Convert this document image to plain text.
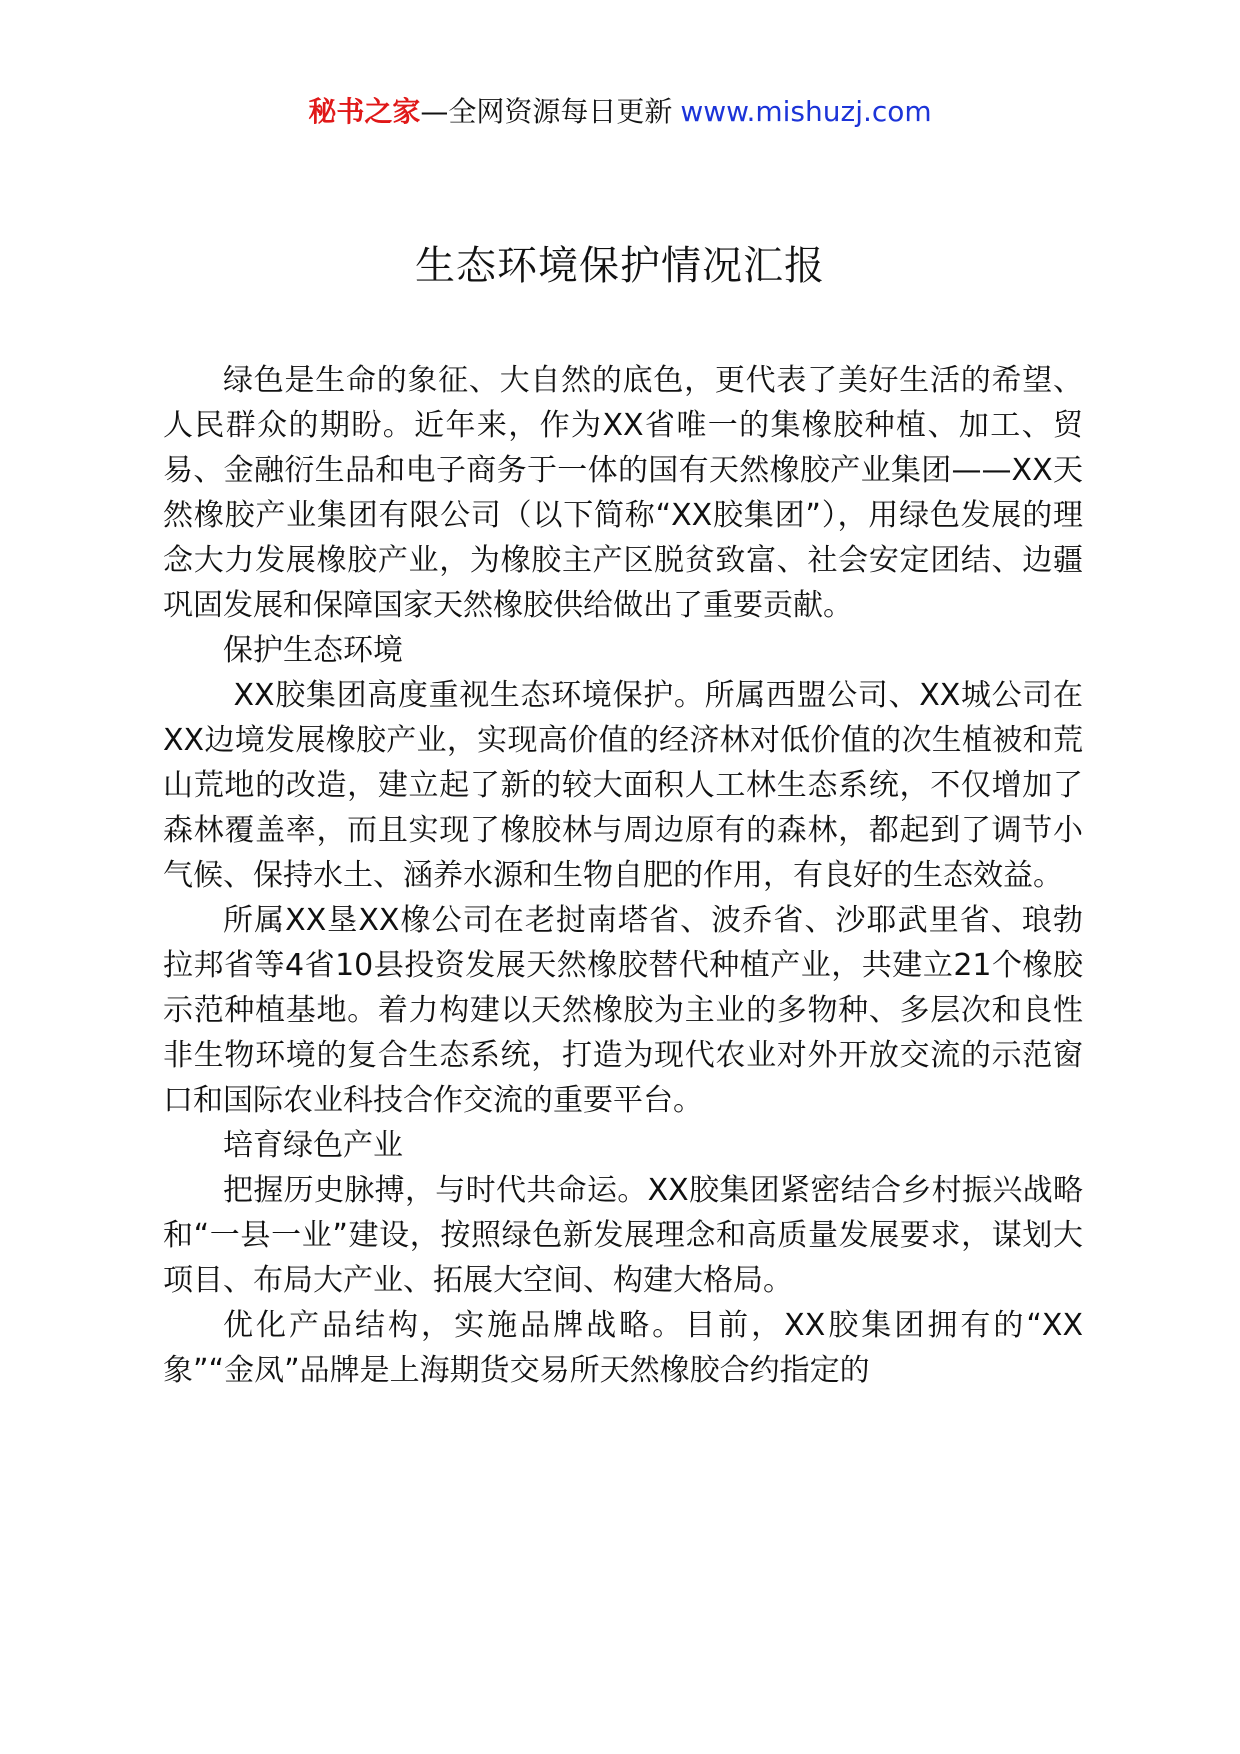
秘书之家—全网资源每日更新 www.mishuzj.com
生态环境保护情况汇报

绿色是生命的象征、大自然的底色，更代表了美好生活的希望、人民群众的期盼。近年来，作为XX省唯一的集橡胶种植、加工、贸易、金融衍生品和电子商务于一体的国有天然橡胶产业集团——XX天然橡胶产业集团有限公司（以下简称“XX胶集团”），用绿色发展的理念大力发展橡胶产业，为橡胶主产区脱贫致富、社会安定团结、边疆巩固发展和保障国家天然橡胶供给做出了重要贡献。

保护生态环境

XX胶集团高度重视生态环境保护。所属西盟公司、XX城公司在XX边境发展橡胶产业，实现高价值的经济林对低价值的次生植被和荒山荒地的改造，建立起了新的较大面积人工林生态系统，不仅增加了森林覆盖率，而且实现了橡胶林与周边原有的森林，都起到了调节小气候、保持水土、涵养水源和生物自肥的作用，有良好的生态效益。

所属XX垦XX橡公司在老挝南塔省、波乔省、沙耶武里省、琅勃拉邦省等4省10县投资发展天然橡胶替代种植产业，共建立21个橡胶示范种植基地。着力构建以天然橡胶为主业的多物种、多层次和良性非生物环境的复合生态系统，打造为现代农业对外开放交流的示范窗口和国际农业科技合作交流的重要平台。

培育绿色产业

把握历史脉搏，与时代共命运。XX胶集团紧密结合乡村振兴战略和“一县一业”建设，按照绿色新发展理念和高质量发展要求，谋划大项目、布局大产业、拓展大空间、构建大格局。

优化产品结构，实施品牌战略。目前，XX胶集团拥有的“XX象”“金凤”品牌是上海期货交易所天然橡胶合约指定的
